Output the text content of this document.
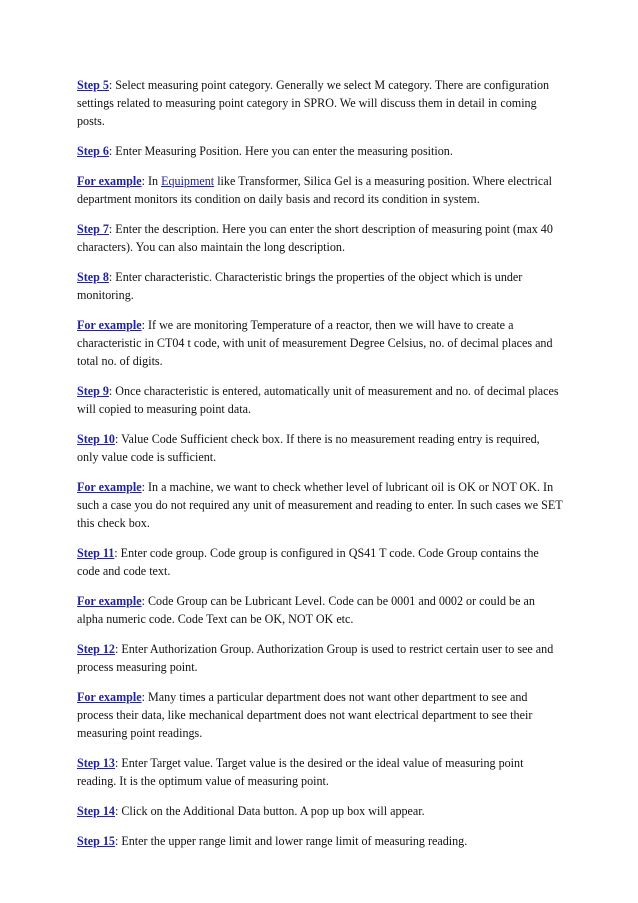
Step 5: Select measuring point category. Generally we select M category. There are configuration settings related to measuring point category in SPRO. We will discuss them in detail in coming posts.

Step 6: Enter Measuring Position. Here you can enter the measuring position.

For example: In Equipment like Transformer, Silica Gel is a measuring position. Where electrical department monitors its condition on daily basis and record its condition in system.

Step 7: Enter the description. Here you can enter the short description of measuring point (max 40 characters). You can also maintain the long description.

Step 8: Enter characteristic. Characteristic brings the properties of the object which is under monitoring.

For example: If we are monitoring Temperature of a reactor, then we will have to create a characteristic in CT04 t code, with unit of measurement Degree Celsius, no. of decimal places and total no. of digits.

Step 9: Once characteristic is entered, automatically unit of measurement and no. of decimal places will copied to measuring point data.

Step 10: Value Code Sufficient check box. If there is no measurement reading entry is required, only value code is sufficient.

For example: In a machine, we want to check whether level of lubricant oil is OK or NOT OK. In such a case you do not required any unit of measurement and reading to enter. In such cases we SET this check box.

Step 11: Enter code group. Code group is configured in QS41 T code. Code Group contains the code and code text.

For example: Code Group can be Lubricant Level. Code can be 0001 and 0002 or could be an alpha numeric code. Code Text can be OK, NOT OK etc.

Step 12: Enter Authorization Group. Authorization Group is used to restrict certain user to see and process measuring point.

For example: Many times a particular department does not want other department to see and process their data, like mechanical department does not want electrical department to see their measuring point readings.

Step 13: Enter Target value. Target value is the desired or the ideal value of measuring point reading. It is the optimum value of measuring point.

Step 14: Click on the Additional Data button. A pop up box will appear.

Step 15: Enter the upper range limit and lower range limit of measuring reading.
